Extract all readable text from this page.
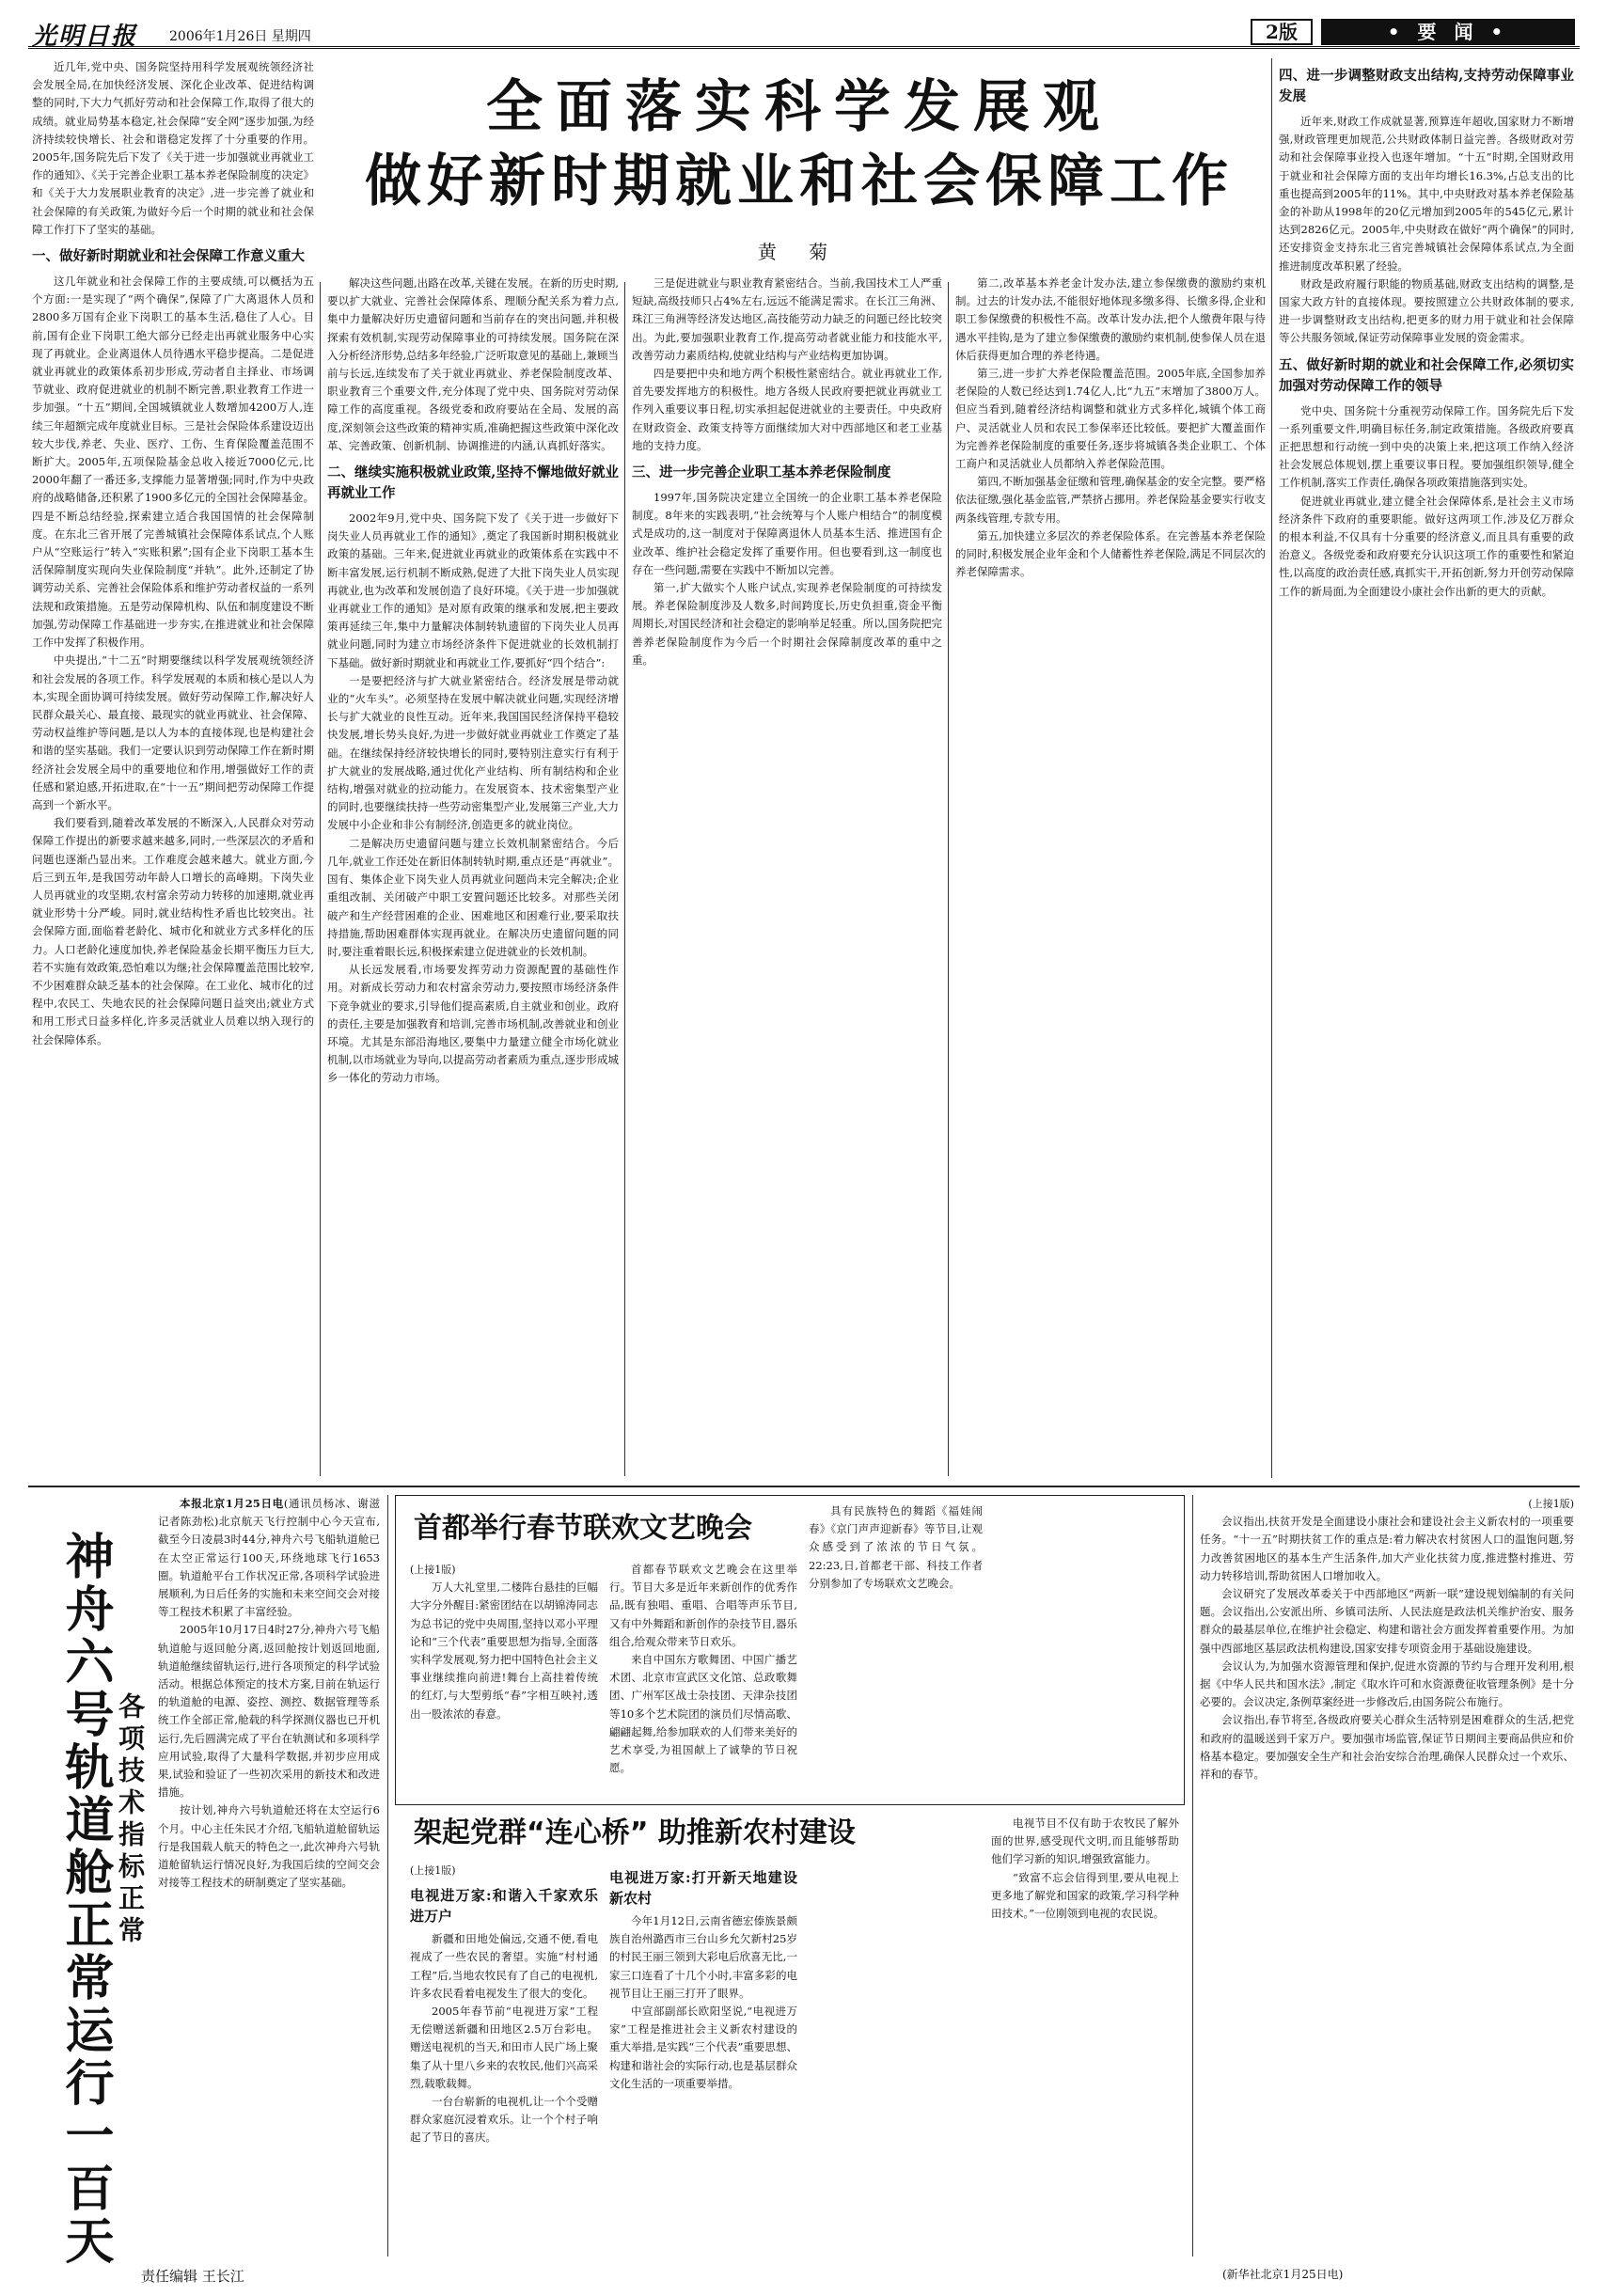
光明日报 2006年1月26日 星期四	2版	• 要 闻 •
全面落实科学发展观
做好新时期就业和社会保障工作
黄 菊

近几年,党中央、国务院坚持用科学发展观统领经济社会发展全局,在加快经济发展、深化企业改革、促进结构调整的同时,下大力气抓好劳动和社会保障工作,取得了很大的成绩。就业局势基本稳定,社会保障“安全网”逐步加强,为经济持续较快增长、社会和谐稳定发挥了十分重要的作用。2005年,国务院先后下发了《关于进一步加强就业再就业工作的通知》、《关于完善企业职工基本养老保险制度的决定》和《关于大力发展职业教育的决定》,进一步完善了就业和社会保障的有关政策,为做好今后一个时期的就业和社会保障工作打下了坚实的基础。

一、做好新时期就业和社会保障工作意义重大

这几年就业和社会保障工作的主要成绩,可以概括为五个方面:一是实现了“两个确保”,保障了广大离退休人员和2800多万国有企业下岗职工的基本生活,稳住了人心。目前,国有企业下岗职工绝大部分已经走出再就业服务中心实现了再就业。企业离退休人员待遇水平稳步提高。二是促进就业再就业的政策体系初步形成,劳动者自主择业、市场调节就业、政府促进就业的机制不断完善,职业教育工作进一步加强。“十五”期间,全国城镇就业人数增加4200万人,连续三年超额完成年度就业目标。三是社会保险体系建设迈出较大步伐,养老、失业、医疗、工伤、生育保险覆盖范围不断扩大。2005年,五项保险基金总收入接近7000亿元,比2000年翻了一番还多,支撑能力显著增强;同时,作为中央政府的战略储备,还积累了1900多亿元的全国社会保障基金。四是不断总结经验,探索建立适合我国国情的社会保障制度。在东北三省开展了完善城镇社会保障体系试点,个人账户从“空账运行”转入“实账积累”;国有企业下岗职工基本生活保障制度实现向失业保险制度“并轨”。此外,还制定了协调劳动关系、完善社会保险体系和维护劳动者权益的一系列法规和政策措施。五是劳动保障机构、队伍和制度建设不断加强,劳动保障工作基础进一步夯实,在推进就业和社会保障工作中发挥了积极作用。

中央提出,“十二五”时期要继续以科学发展观统领经济和社会发展的各项工作。科学发展观的本质和核心是以人为本,实现全面协调可持续发展。做好劳动保障工作,解决好人民群众最关心、最直接、最现实的就业再就业、社会保障、劳动权益维护等问题,是以人为本的直接体现,也是构建社会和谐的坚实基础。我们一定要认识到劳动保障工作在新时期经济社会发展全局中的重要地位和作用,增强做好工作的责任感和紧迫感,开拓进取,在“十一五”期间把劳动保障工作提高到一个新水平。

我们要看到,随着改革发展的不断深入,人民群众对劳动保障工作提出的新要求越来越多,同时,一些深层次的矛盾和问题也逐渐凸显出来。工作难度会越来越大。就业方面,今后三到五年,是我国劳动年龄人口增长的高峰期。下岗失业人员再就业的攻坚期,农村富余劳动力转移的加速期,就业再就业形势十分严峻。同时,就业结构性矛盾也比较突出。社会保障方面,面临着老龄化、城市化和就业方式多样化的压力。人口老龄化速度加快,养老保险基金长期平衡压力巨大,若不实施有效政策,恐怕难以为继;社会保障覆盖范围比较窄,不少困难群众缺乏基本的社会保障。在工业化、城市化的过程中,农民工、失地农民的社会保障问题日益突出;就业方式和用工形式日益多样化,许多灵活就业人员难以纳入现行的社会保障体系。

解决这些问题,出路在改革,关键在发展。在新的历史时期,要以扩大就业、完善社会保障体系、理顺分配关系为着力点,集中力量解决好历史遗留问题和当前存在的突出问题,并积极探索有效机制,实现劳动保障事业的可持续发展。国务院在深入分析经济形势,总结多年经验,广泛听取意见的基础上,兼顾当前与长远,连续发布了关于就业再就业、养老保险制度改革、职业教育三个重要文件,充分体现了党中央、国务院对劳动保障工作的高度重视。各级党委和政府要站在全局、发展的高度,深刻领会这些政策的精神实质,准确把握这些政策中深化改革、完善政策、创新机制、协调推进的内涵,认真抓好落实。

二、继续实施积极就业政策,坚持不懈地做好就业再就业工作

2002年9月,党中央、国务院下发了《关于进一步做好下岗失业人员再就业工作的通知》,奠定了我国新时期积极就业政策的基础。三年来,促进就业再就业的政策体系在实践中不断丰富发展,运行机制不断成熟,促进了大批下岗失业人员实现再就业,也为改革和发展创造了良好环境。《关于进一步加强就业再就业工作的通知》是对原有政策的继承和发展,把主要政策再延续三年,集中力量解决体制转轨遗留的下岗失业人员再就业问题,同时为建立市场经济条件下促进就业的长效机制打下基础。做好新时期就业和再就业工作,要抓好“四个结合”:

一是要把经济与扩大就业紧密结合。经济发展是带动就业的“火车头”。必须坚持在发展中解决就业问题,实现经济增长与扩大就业的良性互动。近年来,我国国民经济保持平稳较快发展,增长势头良好,为进一步做好就业再就业工作奠定了基础。在继续保持经济较快增长的同时,要特别注意实行有利于扩大就业的发展战略,通过优化产业结构、所有制结构和企业结构,增强对就业的拉动能力。在发展资本、技术密集型产业的同时,也要继续扶持一些劳动密集型产业,发展第三产业,大力发展中小企业和非公有制经济,创造更多的就业岗位。

二是解决历史遗留问题与建立长效机制紧密结合。今后几年,就业工作还处在新旧体制转轨时期,重点还是“再就业”。国有、集体企业下岗失业人员再就业问题尚未完全解决;企业重组改制、关闭破产中职工安置问题还比较多。对那些关闭破产和生产经营困难的企业、困难地区和困难行业,要采取扶持措施,帮助困难群体实现再就业。在解决历史遗留问题的同时,要注重着眼长远,积极探索建立促进就业的长效机制。

从长远发展看,市场要发挥劳动力资源配置的基础性作用。对新成长劳动力和农村富余劳动力,要按照市场经济条件下竞争就业的要求,引导他们提高素质,自主就业和创业。政府的责任,主要是加强教育和培训,完善市场机制,改善就业和创业环境。尤其是东部沿海地区,要集中力量建立健全市场化就业机制,以市场就业为导向,以提高劳动者素质为重点,逐步形成城乡一体化的劳动力市场。

三是促进就业与职业教育紧密结合。当前,我国技术工人严重短缺,高级技师只占4%左右,远远不能满足需求。在长江三角洲、珠江三角洲等经济发达地区,高技能劳动力缺乏的问题已经比较突出。为此,要加强职业教育工作,提高劳动者就业能力和技能水平,改善劳动力素质结构,使就业结构与产业结构更加协调。

四是要把中央和地方两个积极性紧密结合。就业再就业工作,首先要发挥地方的积极性。地方各级人民政府要把就业再就业工作列入重要议事日程,切实承担起促进就业的主要责任。中央政府在财政资金、政策支持等方面继续加大对中西部地区和老工业基地的支持力度。

三、进一步完善企业职工基本养老保险制度

1997年,国务院决定建立全国统一的企业职工基本养老保险制度。8年来的实践表明,“社会统筹与个人账户相结合”的制度模式是成功的,这一制度对于保障离退休人员基本生活、推进国有企业改革、维护社会稳定发挥了重要作用。但也要看到,这一制度也存在一些问题,需要在实践中不断加以完善。

第一,扩大做实个人账户试点,实现养老保险制度的可持续发展。养老保险制度涉及人数多,时间跨度长,历史负担重,资金平衡周期长,对国民经济和社会稳定的影响举足轻重。所以,国务院把完善养老保险制度作为今后一个时期社会保障制度改革的重中之重。

第二,改革基本养老金计发办法,建立参保缴费的激励约束机制。过去的计发办法,不能很好地体现多缴多得、长缴多得,企业和职工参保缴费的积极性不高。改革计发办法,把个人缴费年限与待遇水平挂钩,是为了建立参保缴费的激励约束机制,使参保人员在退休后获得更加合理的养老待遇。

第三,进一步扩大养老保险覆盖范围。2005年底,全国参加养老保险的人数已经达到1.74亿人,比“九五”末增加了3800万人。但应当看到,随着经济结构调整和就业方式多样化,城镇个体工商户、灵活就业人员和农民工参保率还比较低。要把扩大覆盖面作为完善养老保险制度的重要任务,逐步将城镇各类企业职工、个体工商户和灵活就业人员都纳入养老保险范围。

第四,不断加强基金征缴和管理,确保基金的安全完整。要严格依法征缴,强化基金监管,严禁挤占挪用。养老保险基金要实行收支两条线管理,专款专用。

第五,加快建立多层次的养老保险体系。在完善基本养老保险的同时,积极发展企业年金和个人储蓄性养老保险,满足不同层次的养老保障需求。

四、进一步调整财政支出结构,支持劳动保障事业发展

近年来,财政工作成就显著,预算连年超收,国家财力不断增强,财政管理更加规范,公共财政体制日益完善。各级财政对劳动和社会保障事业投入也逐年增加。“十五”时期,全国财政用于就业和社会保障方面的支出年均增长16.3%,占总支出的比重也提高到2005年的11%。其中,中央财政对基本养老保险基金的补助从1998年的20亿元增加到2005年的545亿元,累计达到2826亿元。2005年,中央财政在做好“两个确保”的同时,还安排资金支持东北三省完善城镇社会保障体系试点,为全面推进制度改革积累了经验。

财政是政府履行职能的物质基础,财政支出结构的调整,是国家大政方针的直接体现。要按照建立公共财政体制的要求,进一步调整财政支出结构,把更多的财力用于就业和社会保障等公共服务领域,保证劳动保障事业发展的资金需求。

五、做好新时期的就业和社会保障工作,必须切实加强对劳动保障工作的领导

党中央、国务院十分重视劳动保障工作。国务院先后下发一系列重要文件,明确目标任务,制定政策措施。各级政府要真正把思想和行动统一到中央的决策上来,把这项工作纳入经济社会发展总体规划,摆上重要议事日程。要加强组织领导,健全工作机制,落实工作责任,确保各项政策措施落到实处。

促进就业再就业,建立健全社会保障体系,是社会主义市场经济条件下政府的重要职能。做好这两项工作,涉及亿万群众的根本利益,不仅具有十分重要的经济意义,而且具有重要的政治意义。各级党委和政府要充分认识这项工作的重要性和紧迫性,以高度的政治责任感,真抓实干,开拓创新,努力开创劳动保障工作的新局面,为全面建设小康社会作出新的更大的贡献。

神舟六号轨道舱正常运行一百天 各项技术指标正常

本报北京1月25日电(通讯员杨冰、谢滋 记者陈劲松)北京航天飞行控制中心今天宣布,截至今日凌晨3时44分,神舟六号飞船轨道舱已在太空正常运行100天,环绕地球飞行1653圈。轨道舱平台工作状况正常,各项科学试验进展顺利,为日后任务的实施和未来空间交会对接等工程技术积累了丰富经验。

2005年10月17日4时27分,神舟六号飞船轨道舱与返回舱分离,返回舱按计划返回地面,轨道舱继续留轨运行,进行各项预定的科学试验活动。根据总体预定的技术方案,目前在轨运行的轨道舱的电源、姿控、测控、数据管理等系统工作全部正常,舱载的科学探测仪器也已开机运行,先后圆满完成了平台在轨测试和多项科学应用试验,取得了大量科学数据,并初步应用成果,试验和验证了一些初次采用的新技术和改进措施。

按计划,神舟六号轨道舱还将在太空运行6个月。中心主任朱民才介绍,飞船轨道舱留轨运行是我国载人航天的特色之一,此次神舟六号轨道舱留轨运行情况良好,为我国后续的空间交会对接等工程技术的研制奠定了坚实基础。

责任编辑 王长江
首都举行春节联欢文艺晚会
(上接1版)

万人大礼堂里,二楼阵台悬挂的巨幅大字分外醒目:紧密团结在以胡锦涛同志为总书记的党中央周围,坚持以邓小平理论和“三个代表”重要思想为指导,全面落实科学发展观,努力把中国特色社会主义事业继续推向前进!舞台上高挂着传统的红灯,与大型剪纸“春”字相互映衬,透出一股浓浓的春意。

首都春节联欢文艺晚会在这里举行。节目大多是近年来新创作的优秀作品,既有独唱、重唱、合唱等声乐节目,又有中外舞蹈和新创作的杂技节目,器乐组合,给观众带来节日欢乐。

来自中国东方歌舞团、中国广播艺术团、北京市宣武区文化馆、总政歌舞团、广州军区战士杂技团、天津杂技团等10多个艺术院团的演员们尽情高歌、翩翩起舞,给参加联欢的人们带来美好的艺术享受,为祖国献上了诚挚的节日祝愿。

具有民族特色的舞蹈《福娃闹春》《京门声声迎新春》等节目,让观众感受到了浓浓的节日气氛。22:23,日,首都老干部、科技工作者分别参加了专场联欢文艺晚会。

架起党群“连心桥” 助推新农村建设
(上接1版)
电视进万家:和谐入千家欢乐进万户

新疆和田地处偏远,交通不便,看电视成了一些农民的奢望。实施“村村通工程”后,当地农牧民有了自己的电视机,许多农民看着电视发生了很大的变化。

2005年春节前“电视进万家”工程无偿赠送新疆和田地区2.5万台彩电。赠送电视机的当天,和田市人民广场上聚集了从十里八乡来的农牧民,他们兴高采烈,载歌载舞。

一台台崭新的电视机,让一个个受赠群众家庭沉浸着欢乐。让一个个村子响起了节日的喜庆。

电视进万家:打开新天地建设新农村

今年1月12日,云南省德宏傣族景颇族自治州潞西市三台山乡允欠新村25岁的村民王丽三领到大彩电后欣喜无比,一家三口连看了十几个小时,丰富多彩的电视节目让王丽三打开了眼界。

中宣部副部长欧阳坚说,“电视进万家”工程是推进社会主义新农村建设的重大举措,是实践“三个代表”重要思想、构建和谐社会的实际行动,也是基层群众文化生活的一项重要举措。

电视节目不仅有助于农牧民了解外面的世界,感受现代文明,而且能够帮助他们学习新的知识,增强致富能力。

“致富不忘会信得到里,要从电视上更多地了解党和国家的政策,学习科学种田技术。”一位刚领到电视的农民说。

(新华社北京1月25日电)
(上接1版)

会议指出,扶贫开发是全面建设小康社会和建设社会主义新农村的一项重要任务。“十一五”时期扶贫工作的重点是:着力解决农村贫困人口的温饱问题,努力改善贫困地区的基本生产生活条件,加大产业化扶贫力度,推进整村推进、劳动力转移培训,帮助贫困人口增加收入。

会议研究了发展改革委关于中西部地区“两新一联”建设规划编制的有关问题。会议指出,公安派出所、乡镇司法所、人民法庭是政法机关维护治安、服务群众的最基层单位,在维护社会稳定、构建和谐社会方面发挥着重要作用。为加强中西部地区基层政法机构建设,国家安排专项资金用于基础设施建设。

会议认为,为加强水资源管理和保护,促进水资源的节约与合理开发利用,根据《中华人民共和国水法》,制定《取水许可和水资源费征收管理条例》是十分必要的。会议决定,条例草案经进一步修改后,由国务院公布施行。

会议指出,春节将至,各级政府要关心群众生活特别是困难群众的生活,把党和政府的温暖送到千家万户。要加强市场监管,保证节日期间主要商品供应和价格基本稳定。要加强安全生产和社会治安综合治理,确保人民群众过一个欢乐、祥和的春节。
